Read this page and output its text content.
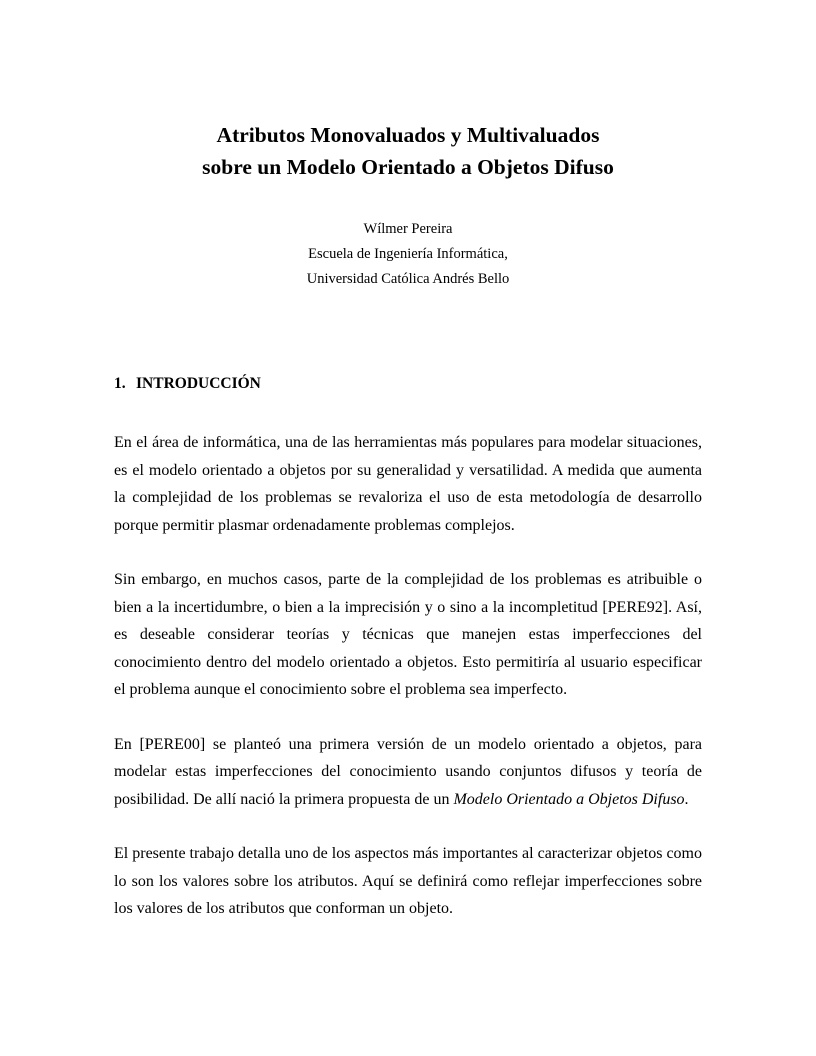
Atributos Monovaluados y Multivaluados

sobre un Modelo Orientado a Objetos Difuso

Wílmer Pereira
Escuela de Ingeniería Informática,
Universidad Católica Andrés Bello
1. INTRODUCCIÓN

En el área de informática, una de las herramientas más populares para modelar situaciones,
es el modelo orientado a objetos por su generalidad y versatilidad. A medida que aumenta
la complejidad de los problemas se revaloriza el uso de esta metodología de desarrollo
porque permitir plasmar ordenadamente problemas complejos.

Sin embargo, en muchos casos, parte de la complejidad de los problemas es atribuible o
bien a la incertidumbre, o bien a la imprecisión y o sino a la incompletitud [PERE92]. Así,
es deseable considerar teorías y técnicas que manejen estas imperfecciones del
conocimiento dentro del modelo orientado a objetos. Esto permitiría al usuario especificar
el problema aunque el conocimiento sobre el problema sea imperfecto.

En [PERE00] se planteó una primera versión de un modelo orientado a objetos, para
modelar estas imperfecciones del conocimiento usando conjuntos difusos y teoría de
posibilidad. De allí nació la primera propuesta de un Modelo Orientado a Objetos Difuso.

El presente trabajo detalla uno de los aspectos más importantes al caracterizar objetos como
lo son los valores sobre los atributos. Aquí se definirá como reflejar imperfecciones sobre
los valores de los atributos que conforman un objeto.
